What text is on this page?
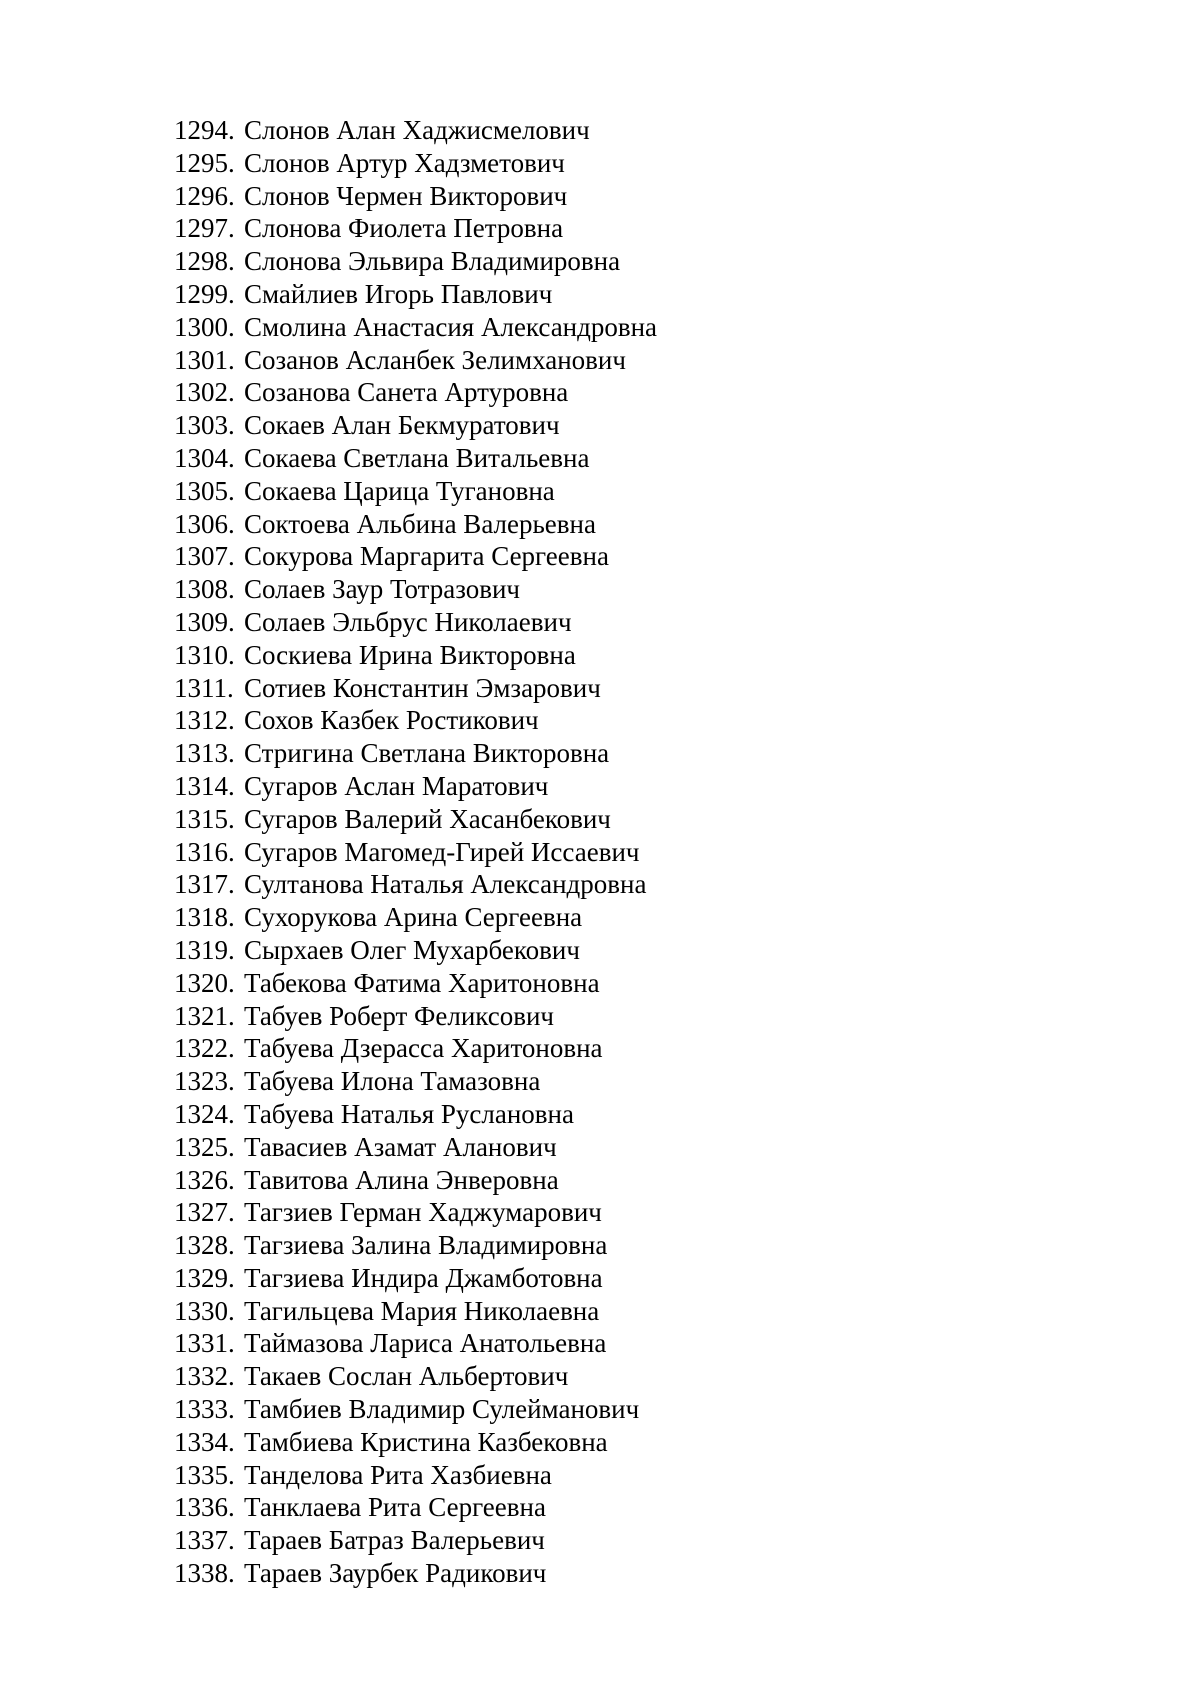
1294. Слонов Алан Хаджисмелович
1295. Слонов Артур Хадзметович
1296. Слонов Чермен Викторович
1297. Слонова Фиолета Петровна
1298. Слонова Эльвира Владимировна
1299. Смайлиев Игорь Павлович
1300. Смолина Анастасия Александровна
1301. Созанов Асланбек Зелимханович
1302. Созанова Санета Артуровна
1303. Сокаев Алан Бекмуратович
1304. Сокаева Светлана Витальевна
1305. Сокаева Царица Тугановна
1306. Соктоева Альбина Валерьевна
1307. Сокурова Маргарита Сергеевна
1308. Солаев Заур Тотразович
1309. Солаев Эльбрус Николаевич
1310. Соскиева Ирина Викторовна
1311. Сотиев Константин Эмзарович
1312. Сохов Казбек Ростикович
1313. Стригина Светлана Викторовна
1314. Сугаров Аслан Маратович
1315. Сугаров Валерий Хасанбекович
1316. Сугаров Магомед-Гирей Иссаевич
1317. Султанова Наталья Александровна
1318. Сухорукова Арина Сергеевна
1319. Сырхаев Олег Мухарбекович
1320. Табекова Фатима Харитоновна
1321. Табуев Роберт Феликсович
1322. Табуева Дзерасса Харитоновна
1323. Табуева Илона Тамазовна
1324. Табуева Наталья Руслановна
1325. Тавасиев Азамат Аланович
1326. Тавитова Алина Энверовна
1327. Тагзиев Герман Хаджумарович
1328. Тагзиева Залина Владимировна
1329. Тагзиева Индира Джамботовна
1330. Тагильцева Мария Николаевна
1331. Таймазова Лариса Анатольевна
1332. Такаев Сослан Альбертович
1333. Тамбиев Владимир Сулейманович
1334. Тамбиева Кристина Казбековна
1335. Танделова Рита Хазбиевна
1336. Танклаева Рита Сергеевна
1337. Тараев Батраз Валерьевич
1338. Тараев Заурбек Радикович
